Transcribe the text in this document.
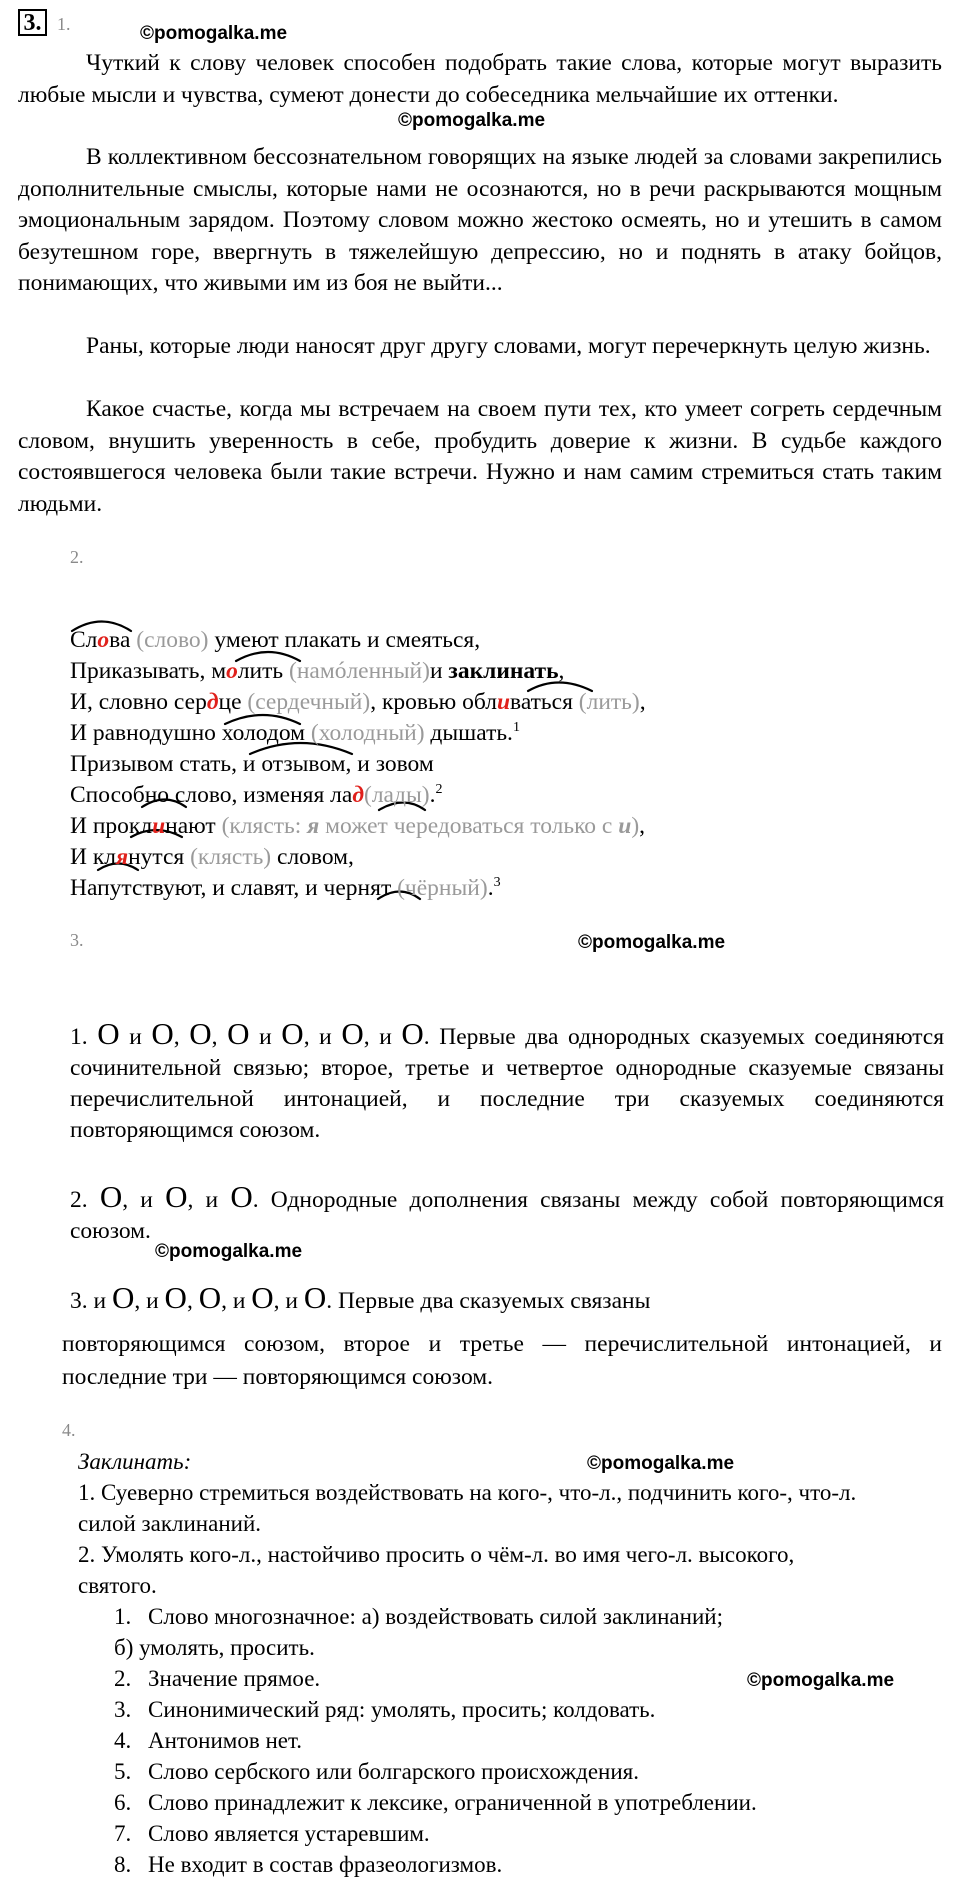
3. 1.	©pomogalka.me

Чуткий к слову человек способен подобрать такие слова, которые могут выразить любые мысли и чувства, сумеют донести до собеседника мельчайшие их оттенки.

©pomogalka.me

В коллективном бессознательном говорящих на языке людей за словами закрепились дополнительные смыслы, которые нами не осознаются, но в речи раскрываются мощным эмоциональным зарядом. Поэтому словом можно жестоко осмеять, но и утешить в самом безутешном горе, ввергнуть в тяжелейшую депрессию, но и поднять в атаку бойцов, понимающих, что живыми им из боя не выйти...

Раны, которые люди наносят друг другу словами, могут перечеркнуть целую жизнь.

Какое счастье, когда мы встречаем на своем пути тех, кто умеет согреть сердечным словом, внушить уверенность в себе, пробудить доверие к жизни. В судьбе каждого состоявшегося человека были такие встречи. Нужно и нам самим стремиться стать таким людьми.

2.
Слова (слово) умеют плакать и смеяться,
Приказывать, молить (намóленный)и заклинать,
И, словно сердце (сердечный), кровью обливаться (лить),
И равнодушно холодом (холодный) дышать.$^1$
Призывом стать, и отзывом, и зовом
Способно слово, изменяя лад(лады).$^2$
И проклинают (клясть: я может чередоваться только с и),
И клянутся (клясть) словом,
Напутствуют, и славят, и чернят (чёрный).$^3$
3.	©pomogalka.me

1. О и О, О, О и О, и О, и О. Первые два однородных сказуемых соединяются сочинительной связью; второе, третье и четвертое однородные сказуемые связаны перечислительной интонацией, и последние три сказуемых соединяются повторяющимся союзом.

2. О, и О, и О. Однородные дополнения связаны между собой повторяющимся союзом.

©pomogalka.me
3. и О, и О, О, и О, и О. Первые два сказуемых связаны

повторяющимся союзом, второе и третье — перечислительной интонацией, и последние три — повторяющимся союзом.

4.
©pomogalka.me
©pomogalka.me
Заклинать:
1. Суеверно стремиться воздействовать на кого-, что-л., подчинить кого-, что-л. силой заклинаний.
2. Умолять кого-л., настойчиво просить о чём-л. во имя чего-л. высокого, святого.
1. Слово многозначное: а) воздействовать силой заклинаний;
б) умолять, просить.
2. Значение прямое.
3. Синонимический ряд: умолять, просить; колдовать.
4. Антонимов нет.
5. Слово сербского или болгарского происхождения.
6. Слово принадлежит к лексике, ограниченной в употреблении.
7. Слово является устаревшим.
8. Не входит в состав фразеологизмов.
